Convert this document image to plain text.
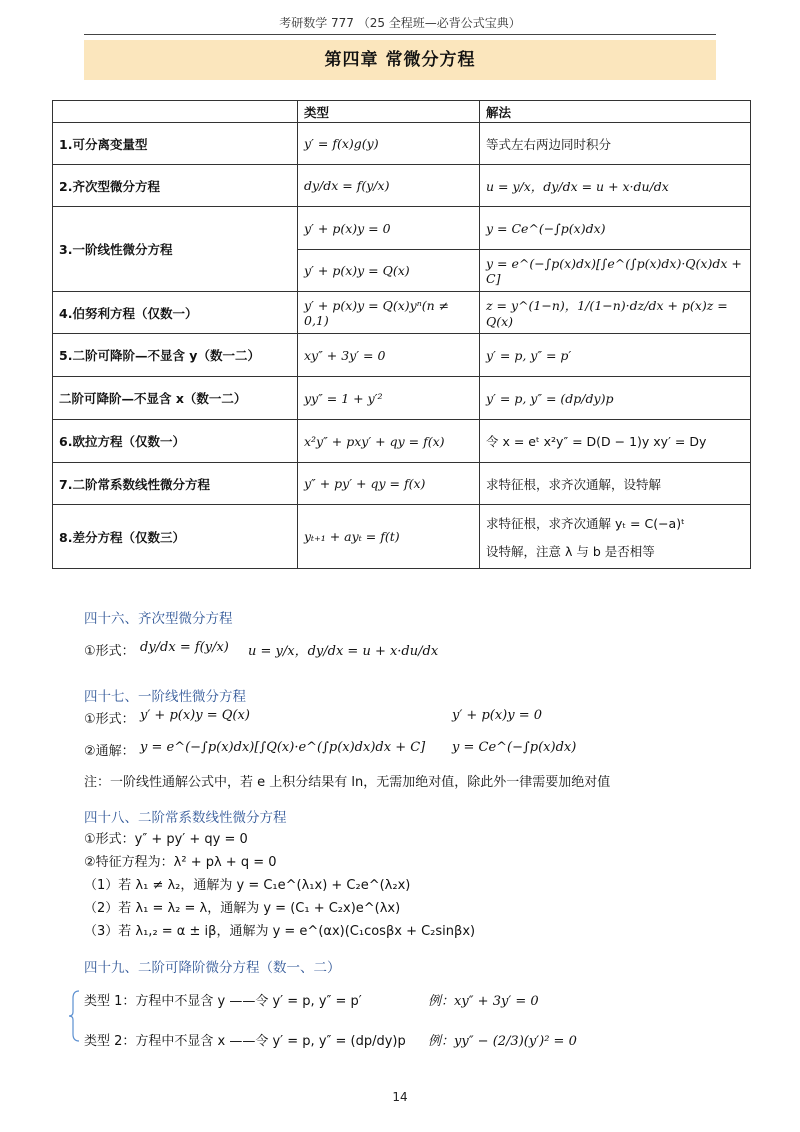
考研数学 777 （25 全程班—必背公式宝典）
第四章 常微分方程
	类型	解法
1.可分离变量型	y′ = f(x)g(y)	等式左右两边同时积分
2.齐次型微分方程	dy/dx = f(y/x)	u = y/x，dy/dx = u + x·du/dx
3.一阶线性微分方程	y′ + p(x)y = 0	y = Ce^(−∫p(x)dx)
	y′ + p(x)y = Q(x)	y = e^(−∫p(x)dx)[∫e^(∫p(x)dx)·Q(x)dx + C]
4.伯努利方程（仅数一）	y′ + p(x)y = Q(x)yⁿ(n ≠ 0,1)	z = y^(1−n)，1/(1−n)·dz/dx + p(x)z = Q(x)
5.二阶可降阶—不显含 y（数一二）	xy″ + 3y′ = 0	y′ = p, y″ = p′
二阶可降阶—不显含 x（数一二）	yy″ = 1 + y′²	y′ = p, y″ = (dp/dy)p
6.欧拉方程（仅数一）	x²y″ + pxy′ + qy = f(x)	令 x = eᵗ x²y″ = D(D − 1)y xy′ = Dy
7.二阶常系数线性微分方程	y″ + py′ + qy = f(x)	求特征根，求齐次通解，设特解
8.差分方程（仅数三）	yₜ₊₁ + ayₜ = f(t)	求特征根，求齐次通解 yₜ = C(−a)ᵗ
设特解，注意 λ 与 b 是否相等
四十六、齐次型微分方程
①形式： dy/dx = f(y/x) u = y/x，dy/dx = u + x·du/dx
四十七、一阶线性微分方程
①形式： y′ + p(x)y = Q(x)	y′ + p(x)y = 0
②通解： y = e^(−∫p(x)dx)[∫Q(x)·e^(∫p(x)dx)dx + C] y = Ce^(−∫p(x)dx)
注：一阶线性通解公式中，若 e 上积分结果有 ln，无需加绝对值，除此外一律需要加绝对值
四十八、二阶常系数线性微分方程
①形式：y″ + py′ + qy = 0
②特征方程为：λ² + pλ + q = 0
（1）若 λ₁ ≠ λ₂，通解为 y = C₁e^(λ₁x) + C₂e^(λ₂x)
（2）若 λ₁ = λ₂ = λ，通解为 y = (C₁ + C₂x)e^(λx)
（3）若 λ₁,₂ = α ± iβ，通解为 y = e^(αx)(C₁cosβx + C₂sinβx)
四十九、二阶可降阶微分方程（数一、二）
类型 1：方程中不显含 y ——令 y′ = p, y″ = p′	例：xy″ + 3y′ = 0
类型 2：方程中不显含 x ——令 y′ = p, y″ = (dp/dy)p 例：yy″ − (2/3)(y′)² = 0
14
